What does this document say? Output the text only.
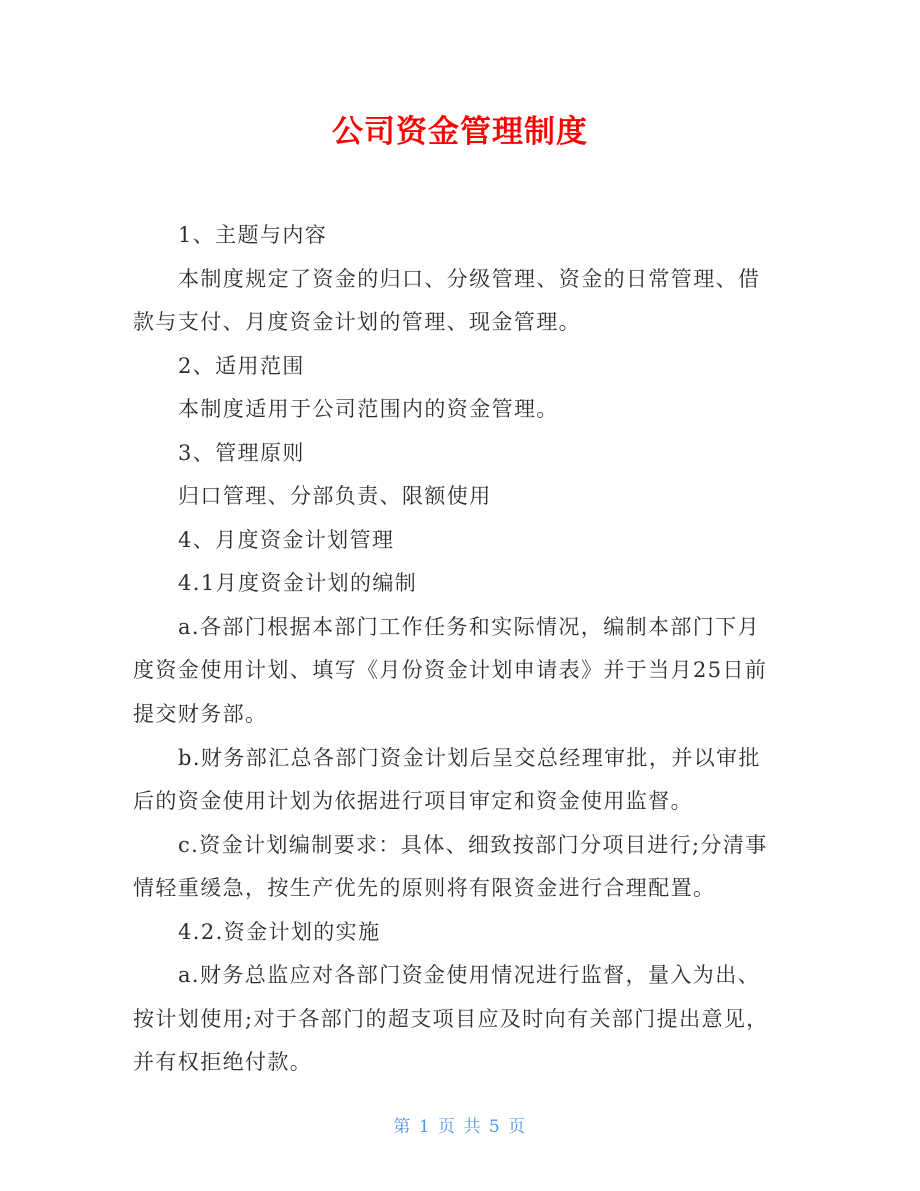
公司资金管理制度
1、主题与内容
本制度规定了资金的归口、分级管理、资金的日常管理、借
款与支付、月度资金计划的管理、现金管理。
2、适用范围
本制度适用于公司范围内的资金管理。
3、管理原则
归口管理、分部负责、限额使用
4、月度资金计划管理
4.1月度资金计划的编制
a.各部门根据本部门工作任务和实际情况，编制本部门下月
度资金使用计划、填写《月份资金计划申请表》并于当月25日前
提交财务部。
b.财务部汇总各部门资金计划后呈交总经理审批，并以审批
后的资金使用计划为依据进行项目审定和资金使用监督。
c.资金计划编制要求：具体、细致按部门分项目进行;分清事
情轻重缓急，按生产优先的原则将有限资金进行合理配置。
4.2.资金计划的实施
a.财务总监应对各部门资金使用情况进行监督，量入为出、
按计划使用;对于各部门的超支项目应及时向有关部门提出意见，
并有权拒绝付款。
第 1 页 共 5 页
